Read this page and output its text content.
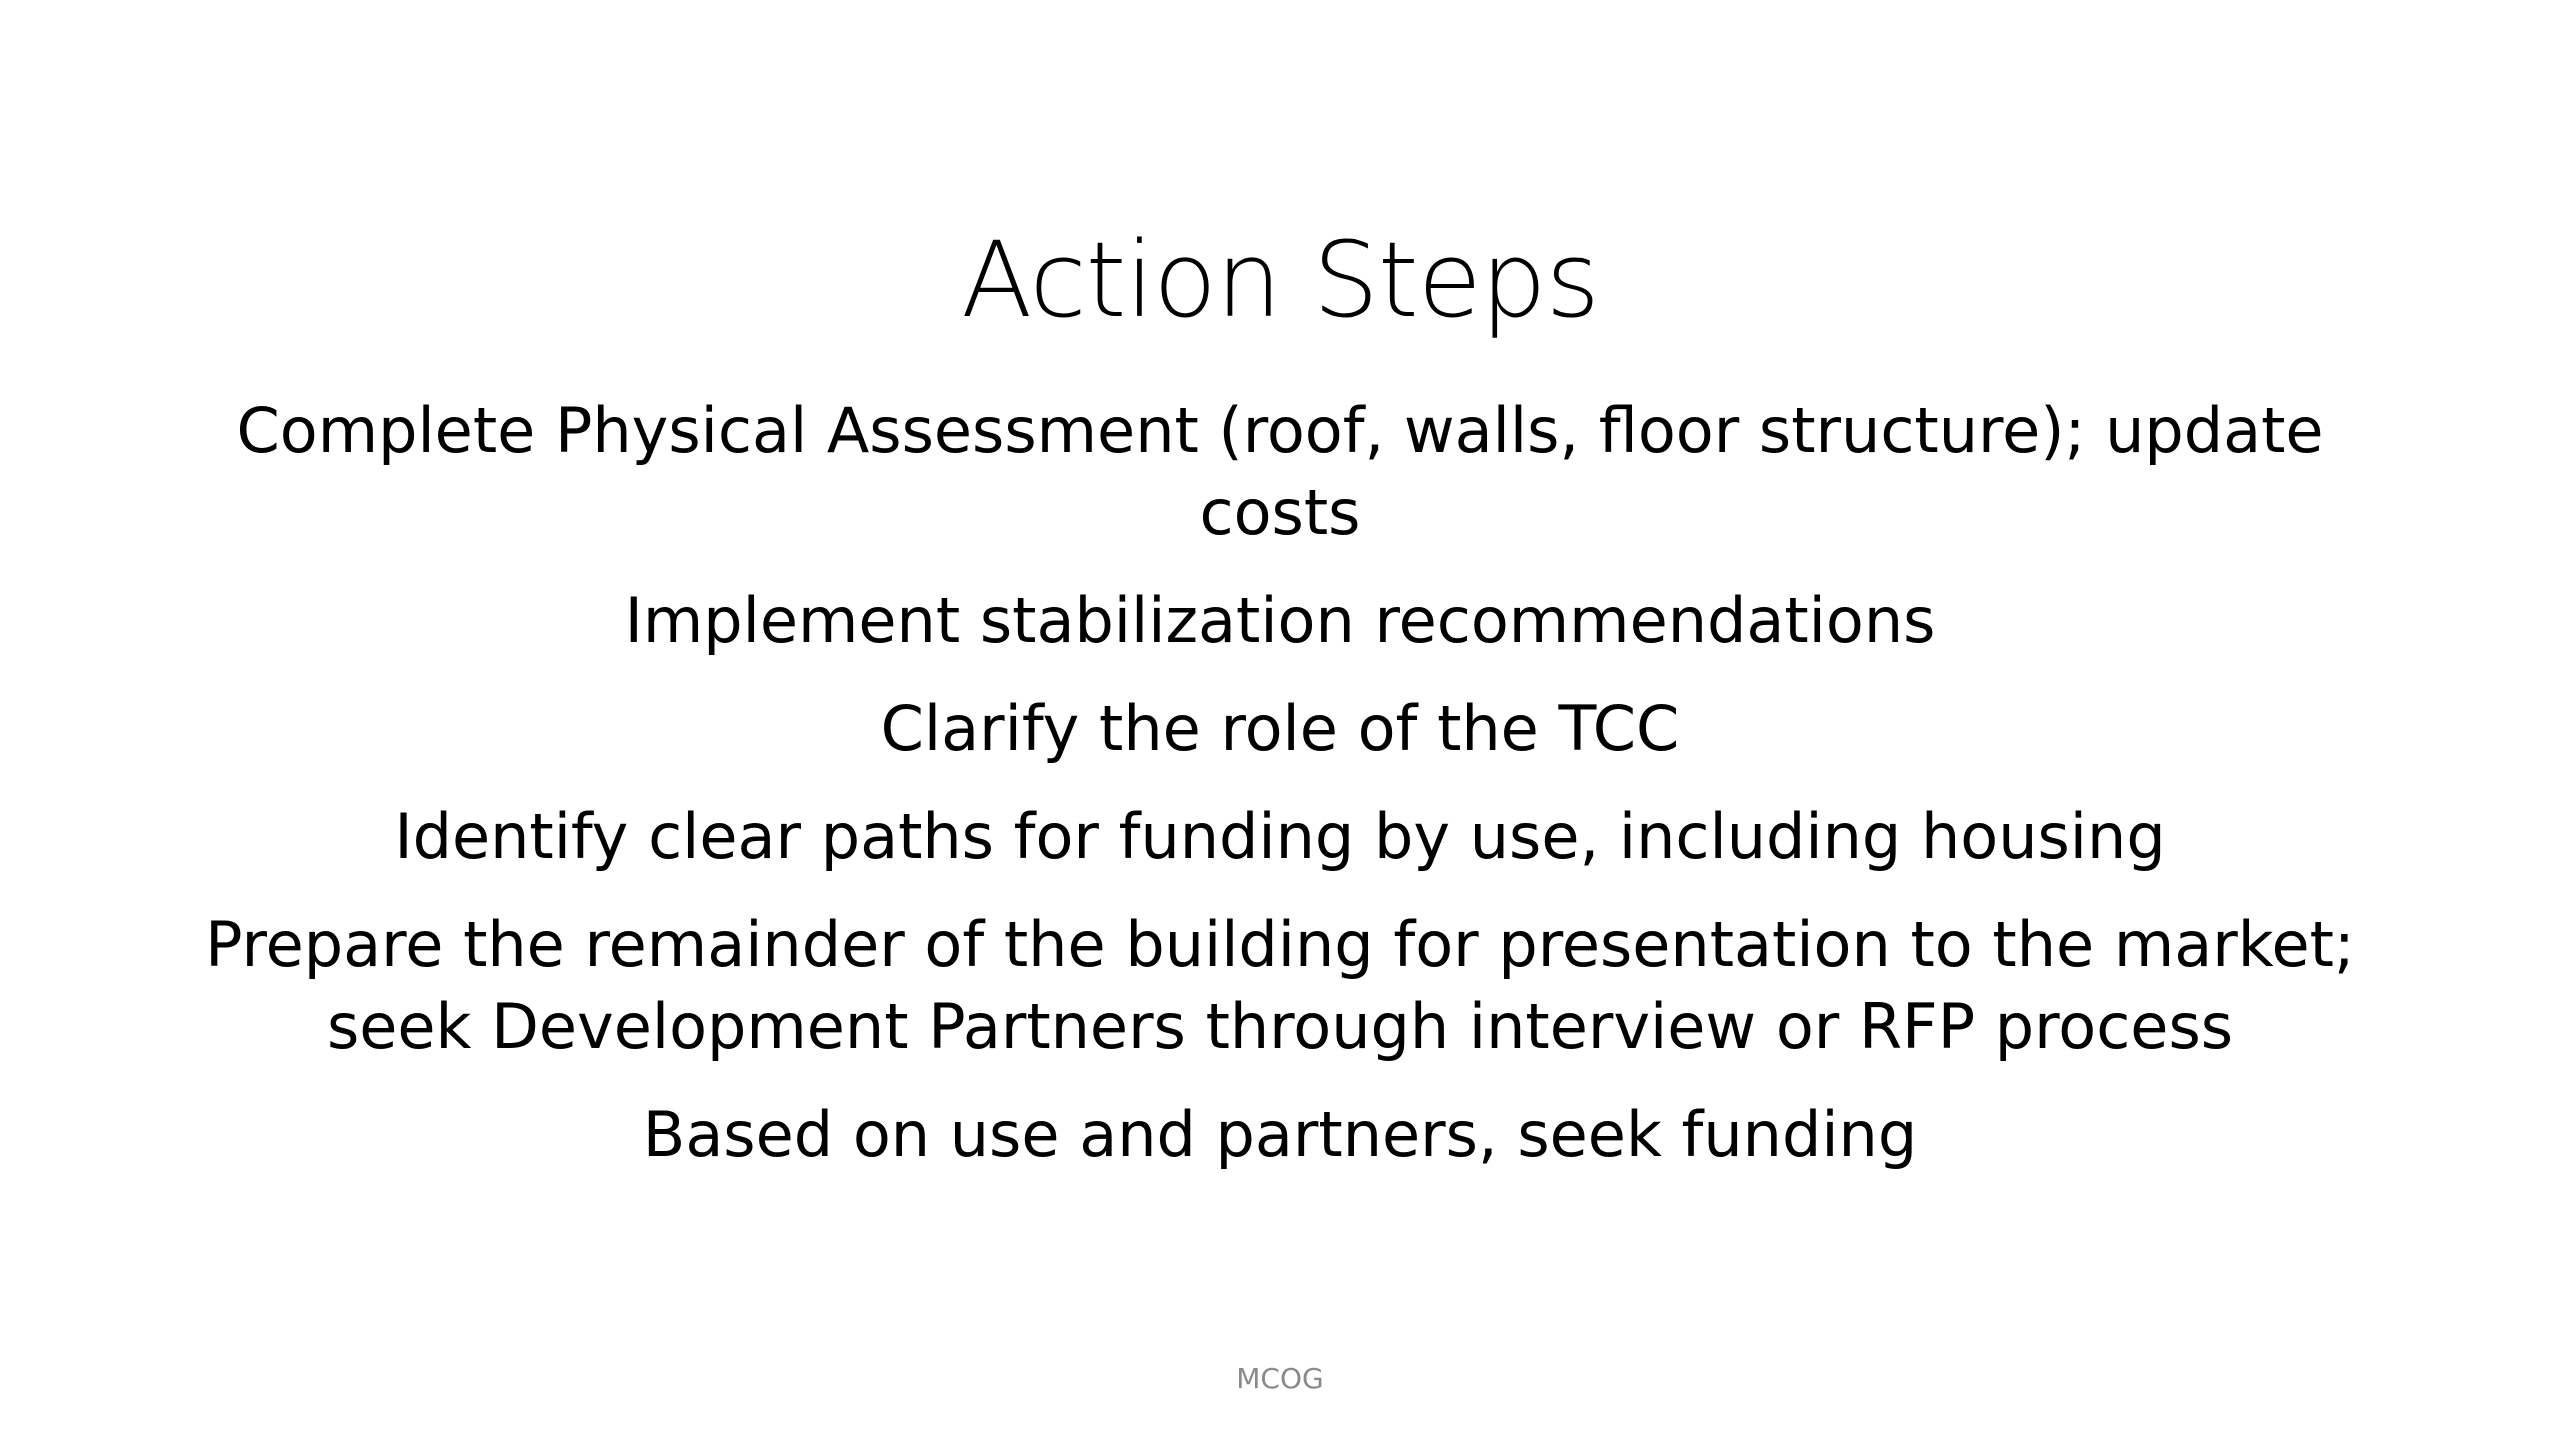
Action Steps
Complete Physical Assessment (roof, walls, floor structure); update
costs
Implement stabilization recommendations
Clarify the role of the TCC
Identify clear paths for funding by use, including housing
Prepare the remainder of the building for presentation to the market;
seek Development Partners through interview or RFP process
Based on use and partners, seek funding
MCOG
